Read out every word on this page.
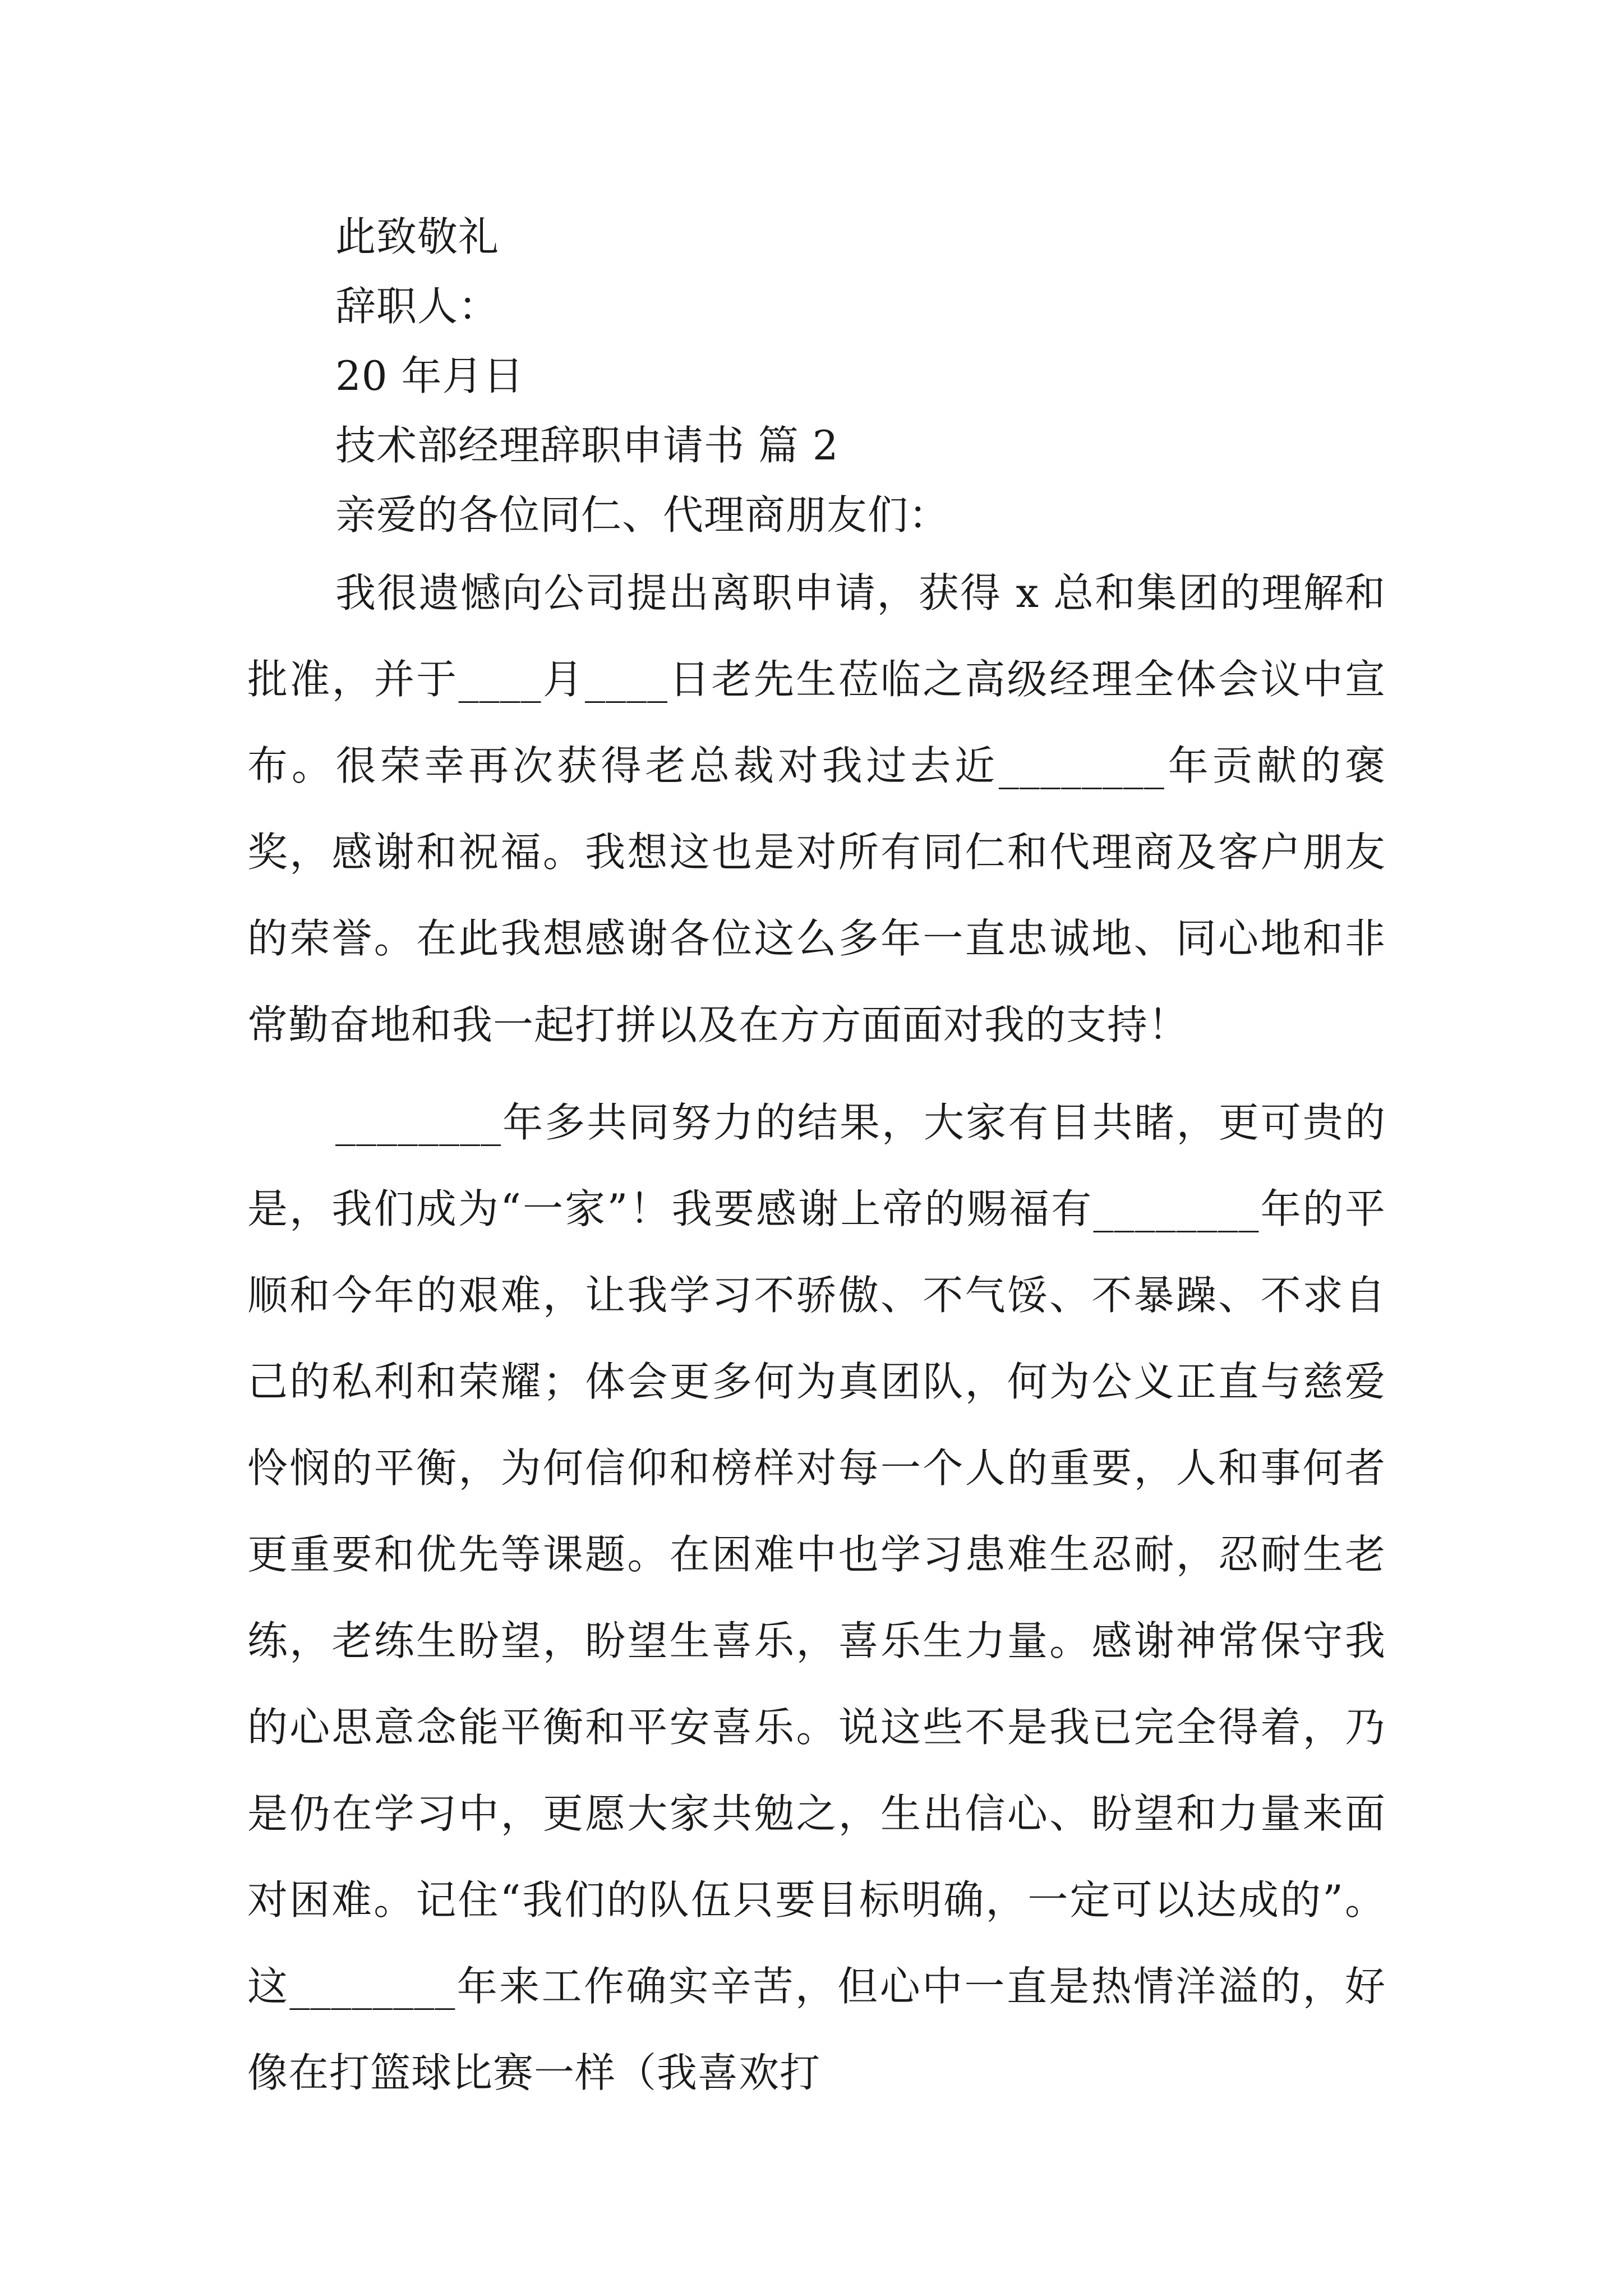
此致敬礼
辞职人：
20 年月日
技术部经理辞职申请书 篇 2
亲爱的各位同仁、代理商朋友们：

我很遗憾向公司提出离职申请，获得 x 总和集团的理解和批准，并于____月____日老先生莅临之高级经理全体会议中宣布。很荣幸再次获得老总裁对我过去近________年贡献的褒奖，感谢和祝福。我想这也是对所有同仁和代理商及客户朋友的荣誉。在此我想感谢各位这么多年一直忠诚地、同心地和非常勤奋地和我一起打拼以及在方方面面对我的支持！

________年多共同努力的结果，大家有目共睹，更可贵的是，我们成为“一家”！我要感谢上帝的赐福有________年的平顺和今年的艰难，让我学习不骄傲、不气馁、不暴躁、不求自己的私利和荣耀；体会更多何为真团队，何为公义正直与慈爱怜悯的平衡，为何信仰和榜样对每一个人的重要，人和事何者更重要和优先等课题。在困难中也学习患难生忍耐，忍耐生老练，老练生盼望，盼望生喜乐，喜乐生力量。感谢神常保守我的心思意念能平衡和平安喜乐。说这些不是我已完全得着，乃是仍在学习中，更愿大家共勉之，生出信心、盼望和力量来面对困难。记住“我们的队伍只要目标明确，一定可以达成的”。这________年来工作确实辛苦，但心中一直是热情洋溢的，好像在打篮球比赛一样（我喜欢打
